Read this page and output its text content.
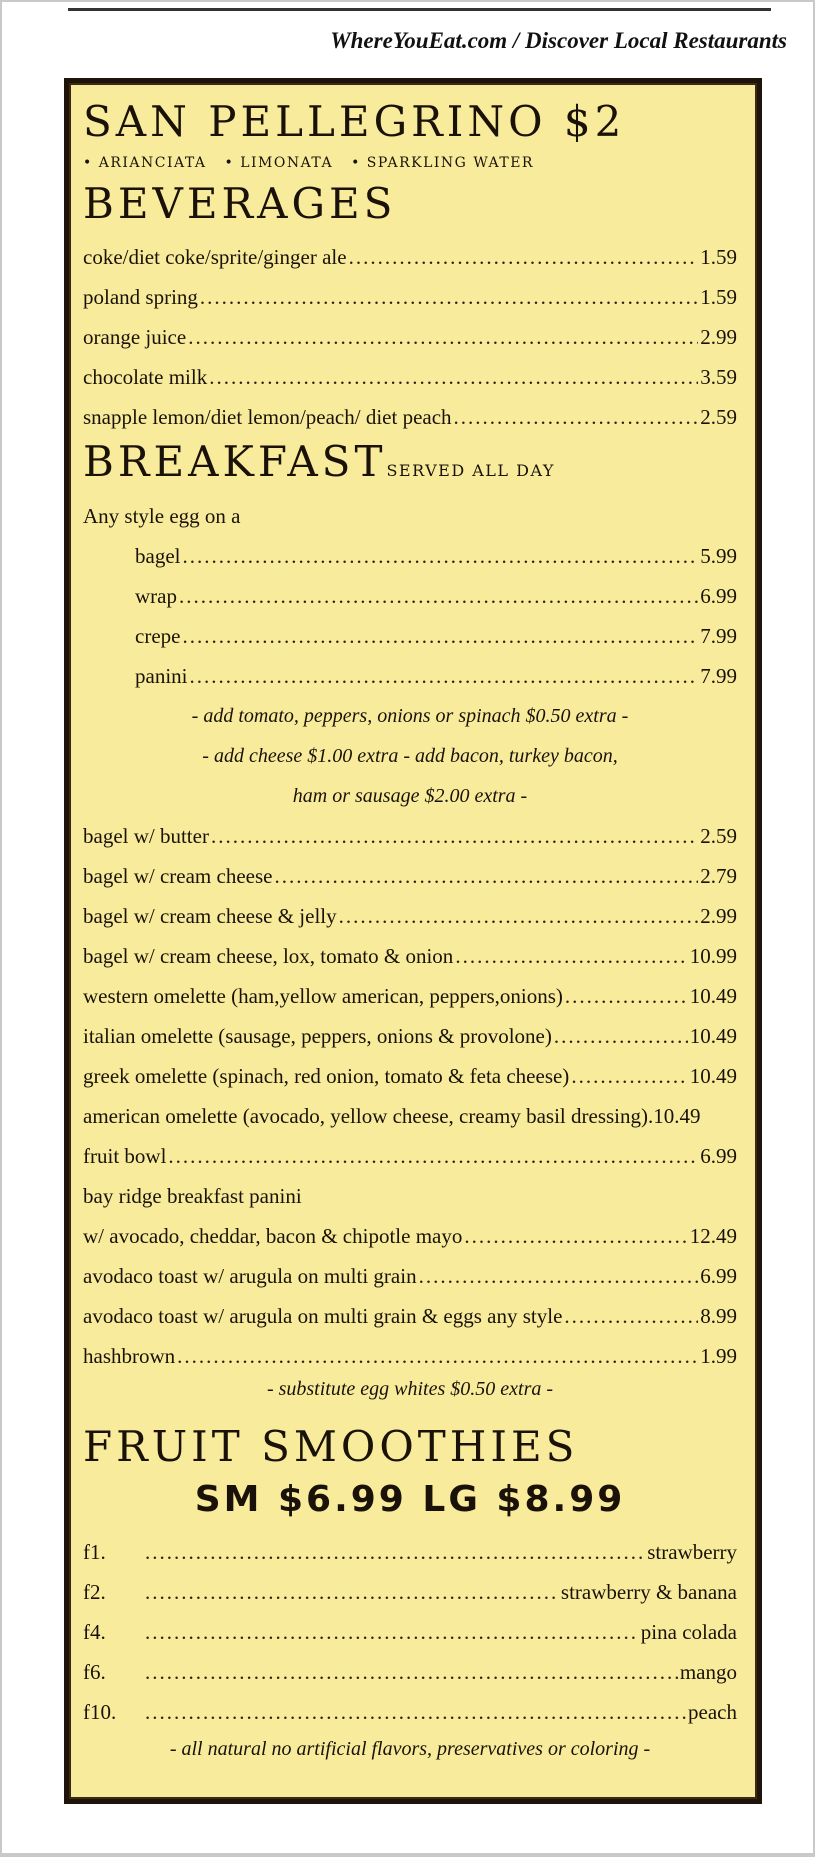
WhereYouEat.com / Discover Local Restaurants
SAN PELLEGRINO $2
• ARIANCIATA • LIMONATA • SPARKLING WATER
BEVERAGES
coke/diet coke/sprite/ginger ale .....	1.59
poland spring .....	1.59
orange juice .....	2.99
chocolate milk .....	3.59
snapple lemon/diet lemon/peach/ diet peach .....	2.59
BREAKFASTSERVED ALL DAY
Any style egg on a
bagel .....	5.99
wrap .....	6.99
crepe .....	7.99
panini .....	7.99
- add tomato, peppers, onions or spinach $0.50 extra -
- add cheese $1.00 extra - add bacon, turkey bacon,
ham or sausage $2.00 extra -
bagel w/ butter .....	2.59
bagel w/ cream cheese .....	2.79
bagel w/ cream cheese & jelly .....	2.99
bagel w/ cream cheese, lox, tomato & onion .....	10.99
western omelette (ham,yellow american, peppers,onions) .....	10.49
italian omelette (sausage, peppers, onions & provolone) .....	10.49
greek omelette (spinach, red onion, tomato & feta cheese) .....	10.49
american omelette (avocado, yellow cheese, creamy basil dressing). 10.49
fruit bowl .....	6.99
bay ridge breakfast panini
w/ avocado, cheddar, bacon & chipotle mayo .....	12.49
avodaco toast w/ arugula on multi grain .....	6.99
avodaco toast w/ arugula on multi grain & eggs any style .....	8.99
hashbrown .....	1.99
- substitute egg whites $0.50 extra -
FRUIT SMOOTHIES
SM $6.99 LG $8.99
f1. .....	strawberry
f2. .....	strawberry & banana
f4. .....	pina colada
f6. .....	mango
f10. .....	peach
- all natural no artificial flavors, preservatives or coloring -
